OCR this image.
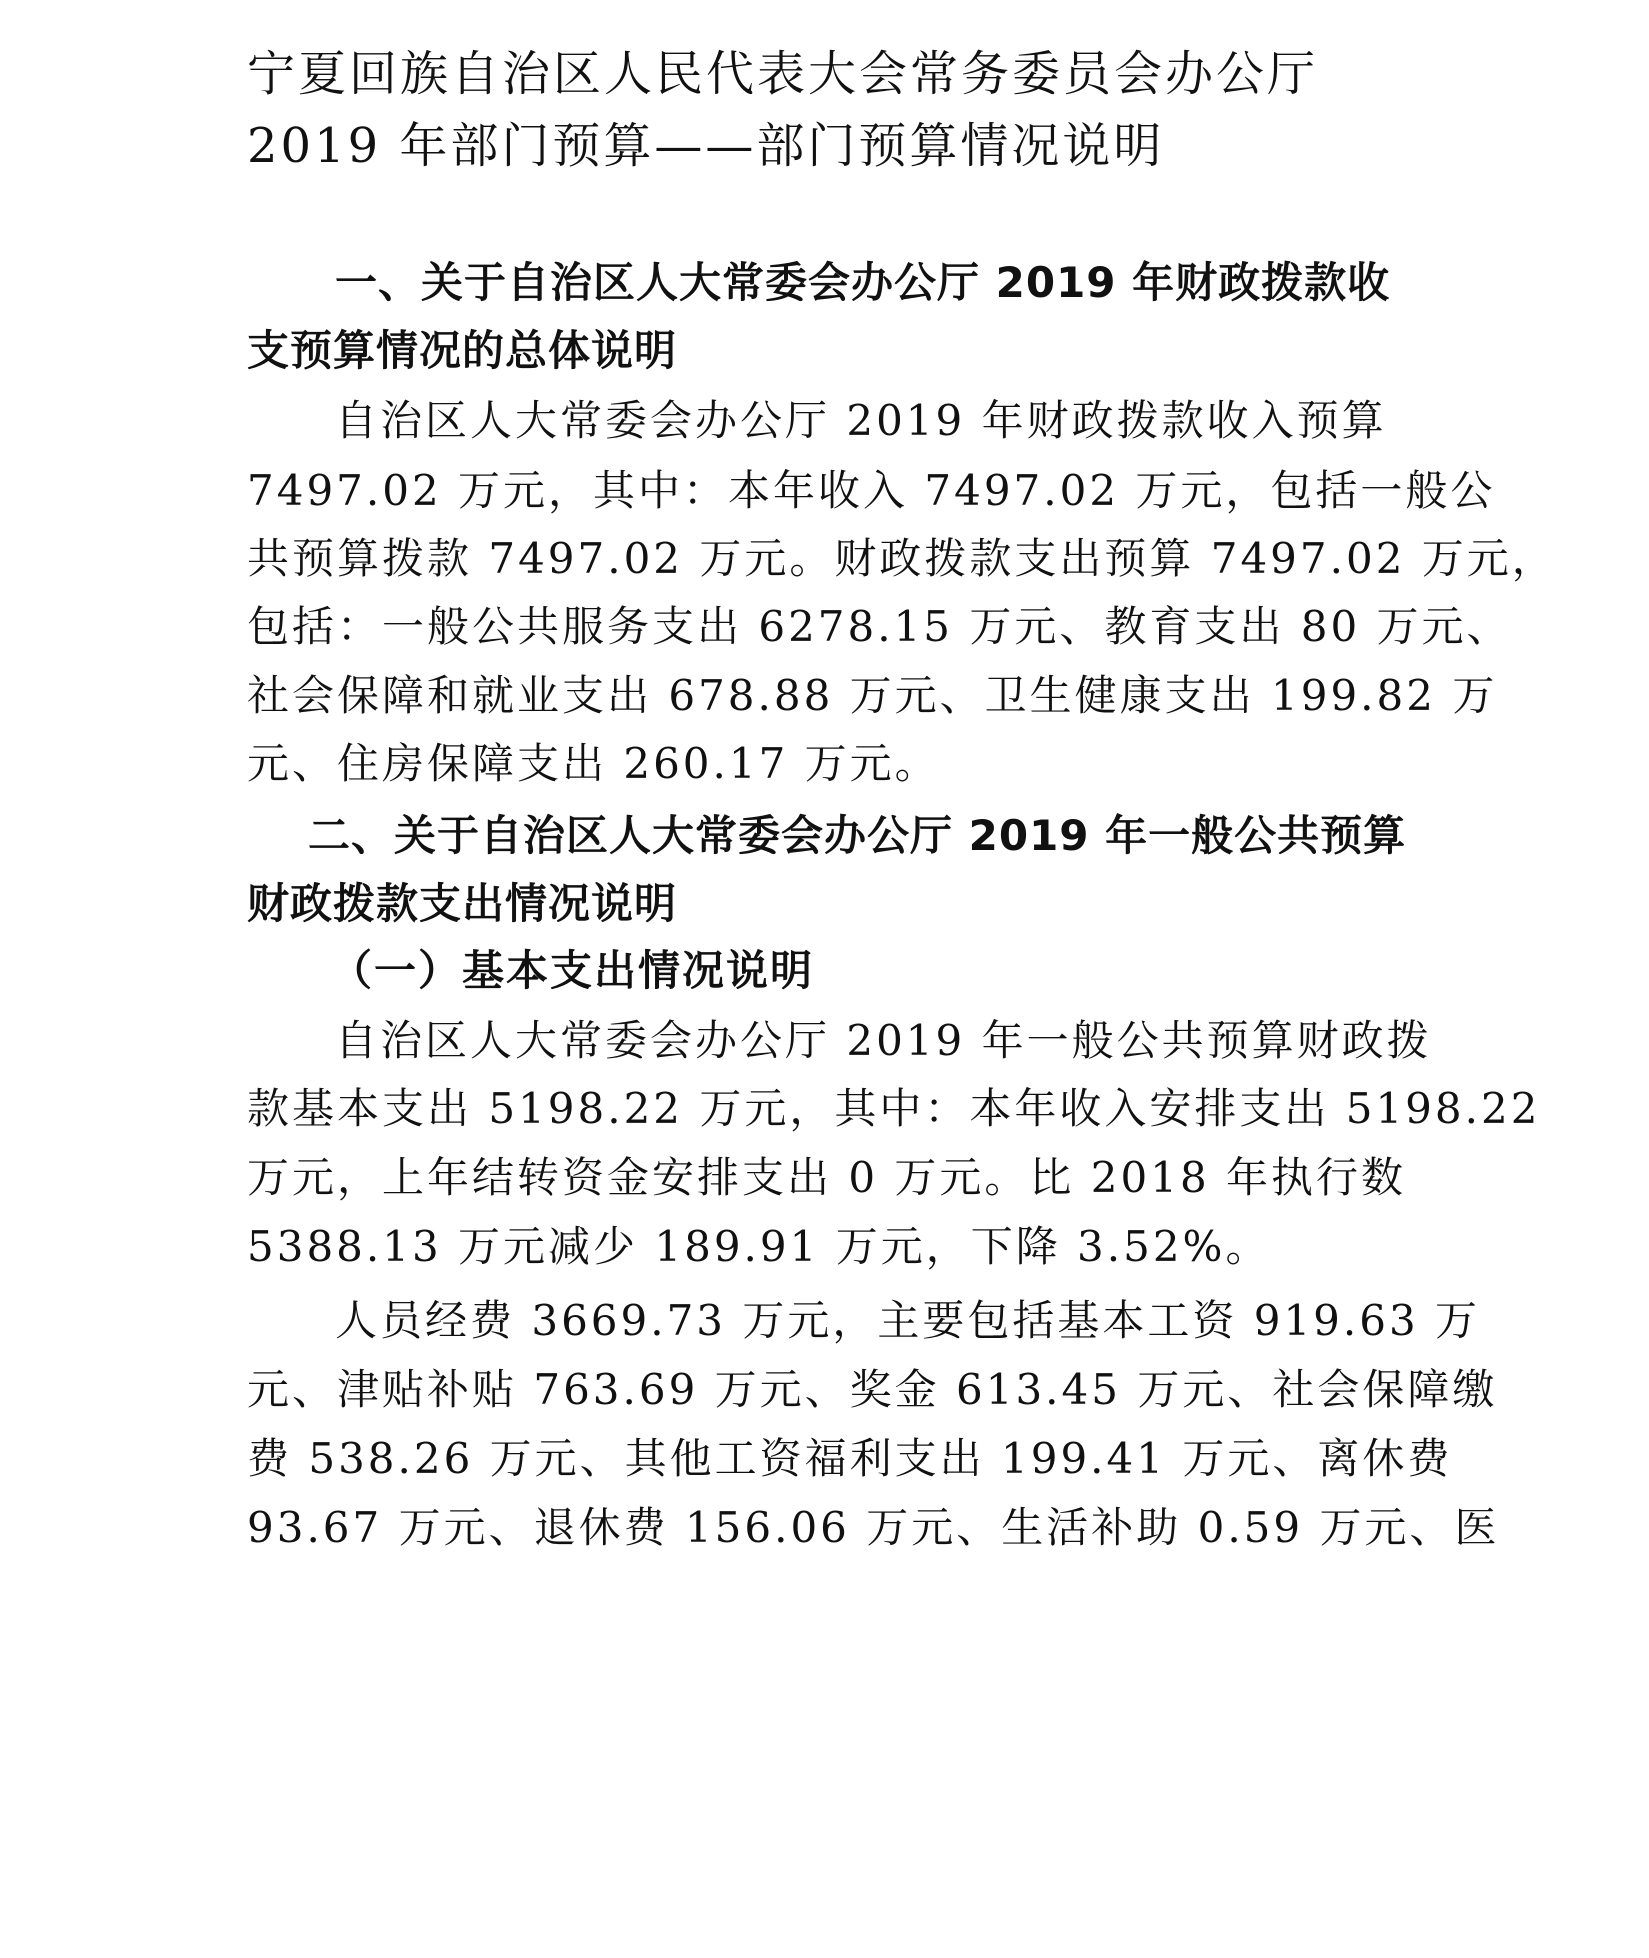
宁夏回族自治区人民代表大会常务委员会办公厅
2019 年部门预算——部门预算情况说明
一、关于自治区人大常委会办公厅 2019 年财政拨款收
支预算情况的总体说明
自治区人大常委会办公厅 2019 年财政拨款收入预算
7497.02 万元，其中：本年收入 7497.02 万元，包括一般公
共预算拨款 7497.02 万元。财政拨款支出预算 7497.02 万元，
包括：一般公共服务支出 6278.15 万元、教育支出 80 万元、
社会保障和就业支出 678.88 万元、卫生健康支出 199.82 万
元、住房保障支出 260.17 万元。
二、关于自治区人大常委会办公厅 2019 年一般公共预算
财政拨款支出情况说明
（一）基本支出情况说明
自治区人大常委会办公厅 2019 年一般公共预算财政拨
款基本支出 5198.22 万元，其中：本年收入安排支出 5198.22
万元，上年结转资金安排支出 0 万元。比 2018 年执行数
5388.13 万元减少 189.91 万元，下降 3.52%。
人员经费 3669.73 万元，主要包括基本工资 919.63 万
元、津贴补贴 763.69 万元、奖金 613.45 万元、社会保障缴
费 538.26 万元、其他工资福利支出 199.41 万元、离休费
93.67 万元、退休费 156.06 万元、生活补助 0.59 万元、医
